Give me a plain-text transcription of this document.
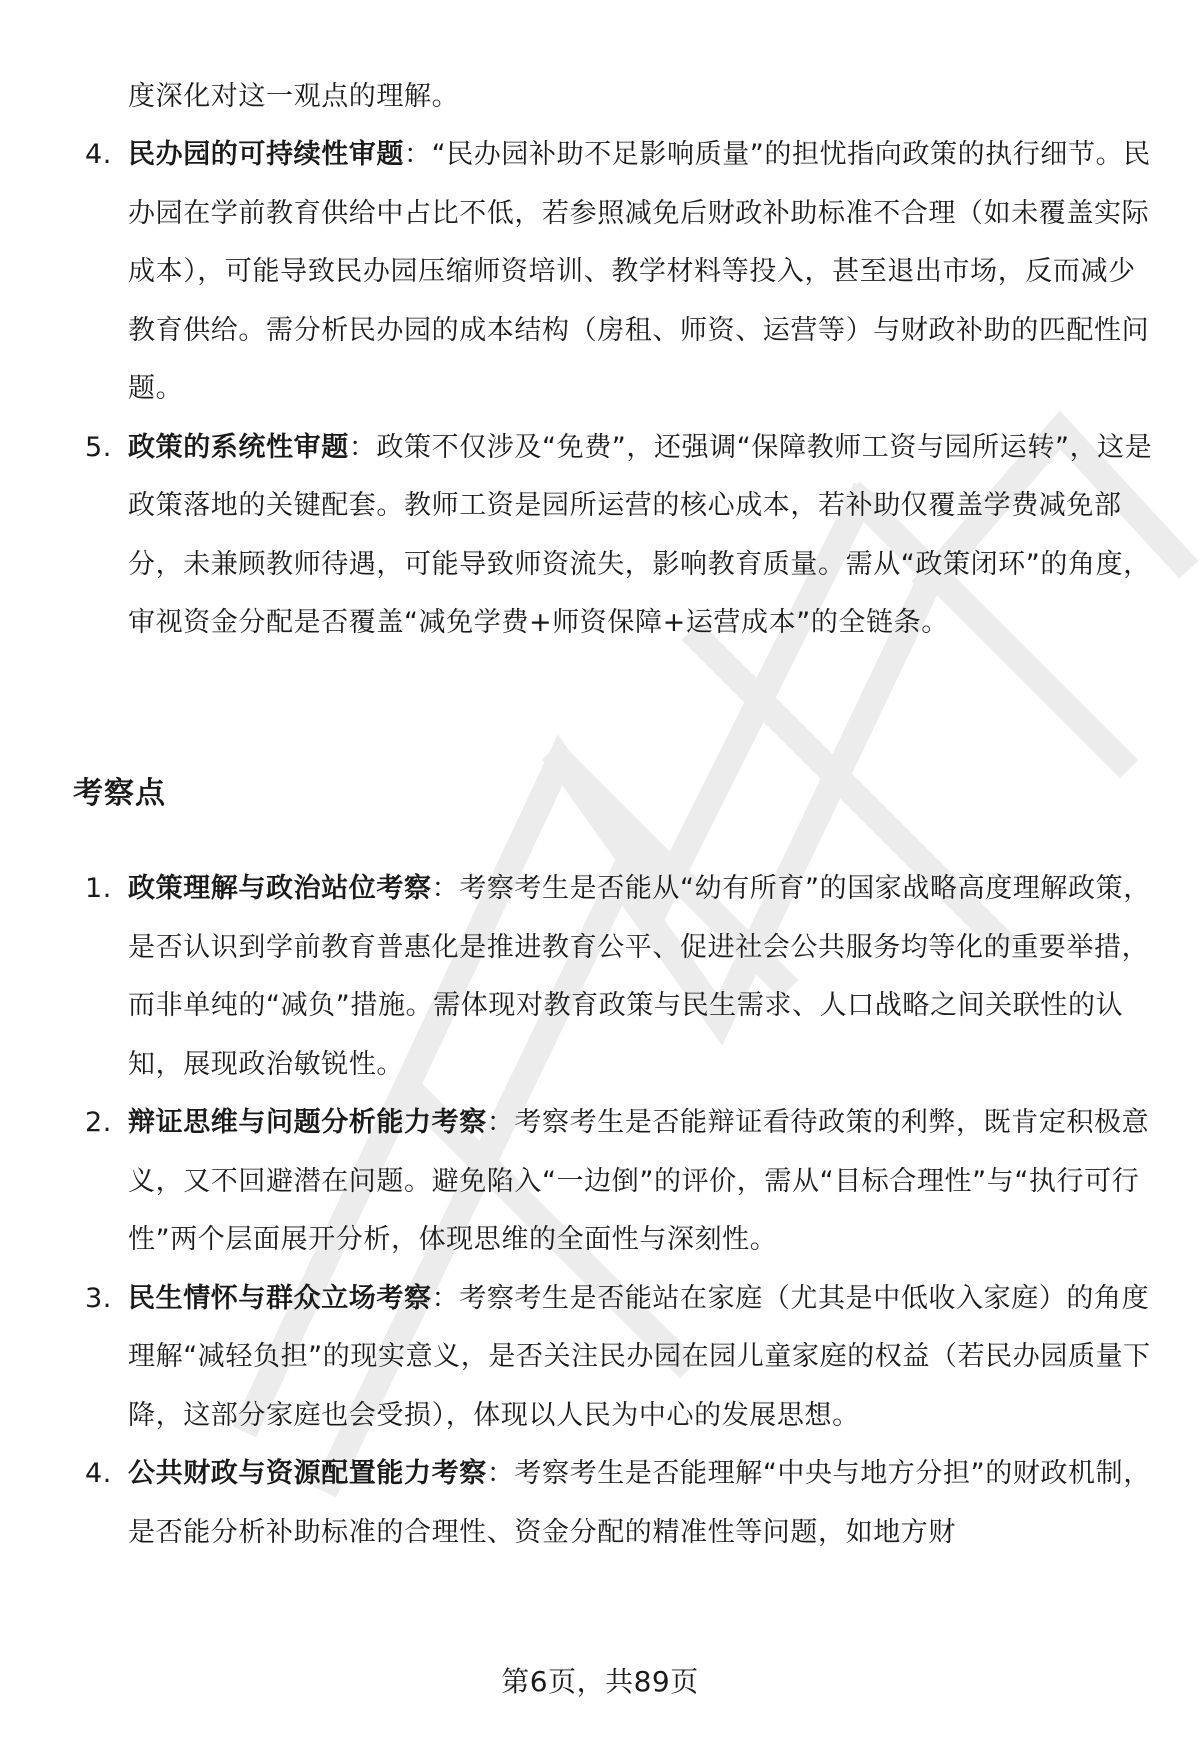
度深化对这一观点的理解。
4. 民办园的可持续性审题：“民办园补助不足影响质量”的担忧指向政策的执行细节。民办园在学前教育供给中占比不低，若参照减免后财政补助标准不合理（如未覆盖实际成本），可能导致民办园压缩师资培训、教学材料等投入，甚至退出市场，反而减少教育供给。需分析民办园的成本结构（房租、师资、运营等）与财政补助的匹配性问题。
5. 政策的系统性审题：政策不仅涉及“免费”，还强调“保障教师工资与园所运转”，这是政策落地的关键配套。教师工资是园所运营的核心成本，若补助仅覆盖学费减免部分，未兼顾教师待遇，可能导致师资流失，影响教育质量。需从“政策闭环”的角度，审视资金分配是否覆盖“减免学费+师资保障+运营成本”的全链条。
考察点
1. 政策理解与政治站位考察：考察考生是否能从“幼有所育”的国家战略高度理解政策，是否认识到学前教育普惠化是推进教育公平、促进社会公共服务均等化的重要举措，而非单纯的“减负”措施。需体现对教育政策与民生需求、人口战略之间关联性的认知，展现政治敏锐性。
2. 辩证思维与问题分析能力考察：考察考生是否能辩证看待政策的利弊，既肯定积极意义，又不回避潜在问题。避免陷入“一边倒”的评价，需从“目标合理性”与“执行可行性”两个层面展开分析，体现思维的全面性与深刻性。
3. 民生情怀与群众立场考察：考察考生是否能站在家庭（尤其是中低收入家庭）的角度理解“减轻负担”的现实意义，是否关注民办园在园儿童家庭的权益（若民办园质量下降，这部分家庭也会受损），体现以人民为中心的发展思想。
4. 公共财政与资源配置能力考察：考察考生是否能理解“中央与地方分担”的财政机制，是否能分析补助标准的合理性、资金分配的精准性等问题，如地方财
第6页，共89页
